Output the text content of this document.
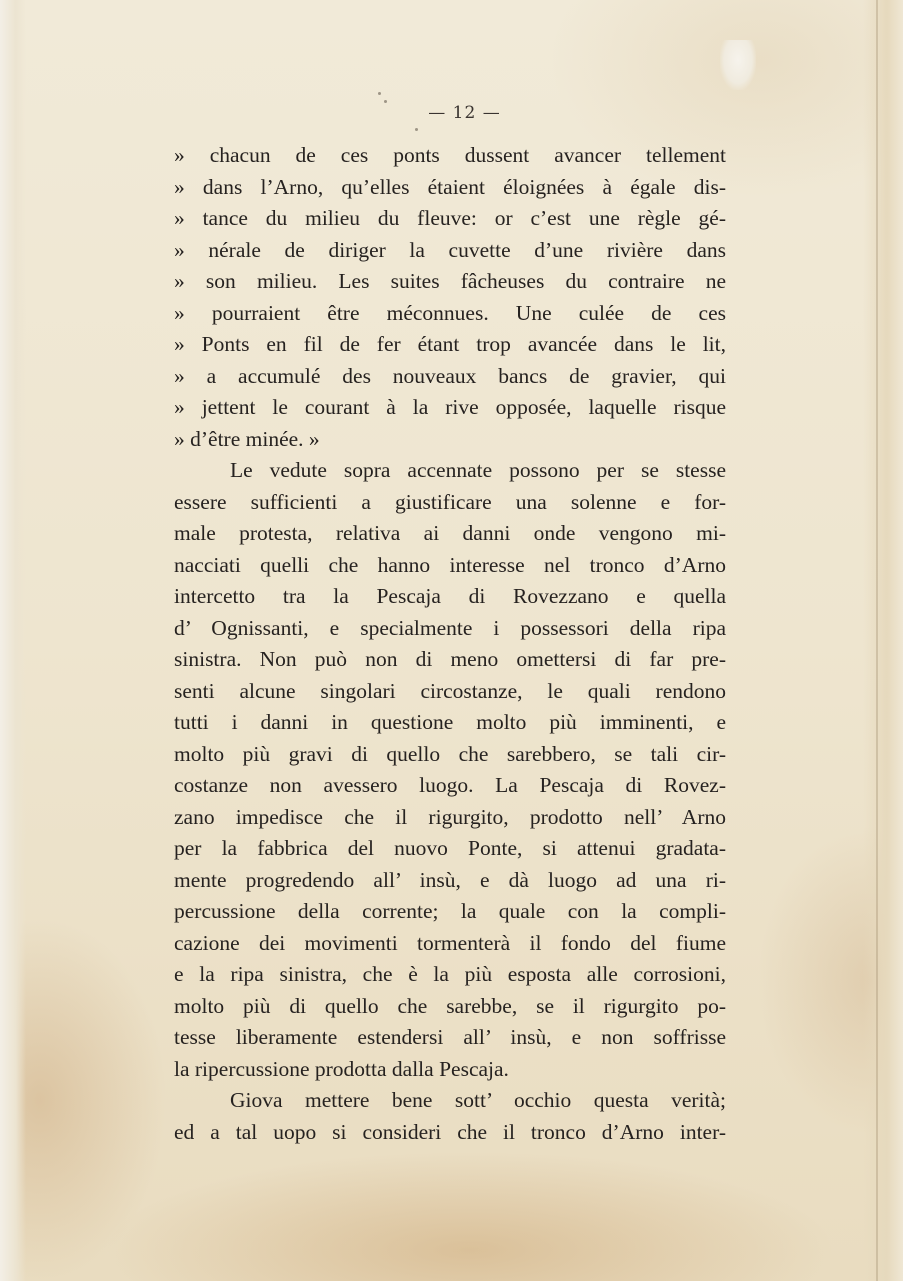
— 12 —
» chacun de ces ponts dussent avancer tellement
» dans l’Arno, qu’elles étaient éloignées à égale dis-
» tance du milieu du fleuve: or c’est une règle gé-
» nérale de diriger la cuvette d’une rivière dans
» son milieu. Les suites fâcheuses du contraire ne
» pourraient être méconnues. Une culée de ces
» Ponts en fil de fer étant trop avancée dans le lit,
» a accumulé des nouveaux bancs de gravier, qui
» jettent le courant à la rive opposée, laquelle risque
» d’être minée. »
Le vedute sopra accennate possono per se stesse
essere sufficienti a giustificare una solenne e for-
male protesta, relativa ai danni onde vengono mi-
nacciati quelli che hanno interesse nel tronco d’Arno
intercetto tra la Pescaja di Rovezzano e quella
d’ Ognissanti, e specialmente i possessori della ripa
sinistra. Non può non di meno omettersi di far pre-
senti alcune singolari circostanze, le quali rendono
tutti i danni in questione molto più imminenti, e
molto più gravi di quello che sarebbero, se tali cir-
costanze non avessero luogo. La Pescaja di Rovez-
zano impedisce che il rigurgito, prodotto nell’ Arno
per la fabbrica del nuovo Ponte, si attenui gradata-
mente progredendo all’ insù, e dà luogo ad una ri-
percussione della corrente; la quale con la compli-
cazione dei movimenti tormenterà il fondo del fiume
e la ripa sinistra, che è la più esposta alle corrosioni,
molto più di quello che sarebbe, se il rigurgito po-
tesse liberamente estendersi all’ insù, e non soffrisse
la ripercussione prodotta dalla Pescaja.
Giova mettere bene sott’ occhio questa verità;
ed a tal uopo si consideri che il tronco d’Arno inter-
